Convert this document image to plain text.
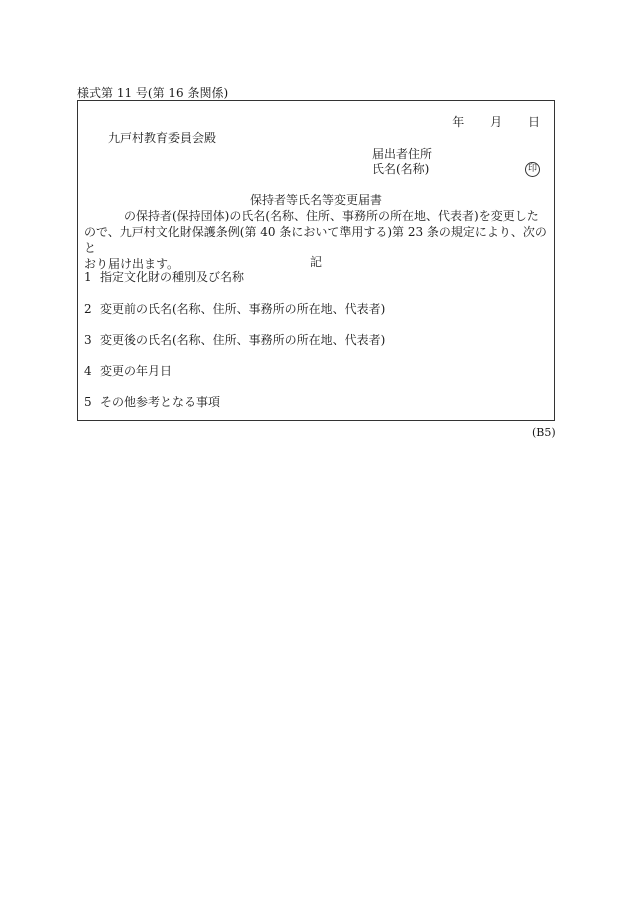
様式第 11 号(第 16 条関係)
年 月 日
九戸村教育委員会殿
届出者住所
氏名(名称)	印
保持者等氏名等変更届書
の保持者(保持団体)の氏名(名称、住所、事務所の所在地、代表者)を変更した
ので、九戸村文化財保護条例(第 40 条において準用する)第 23 条の規定により、次のと
おり届け出ます。	記
1 指定文化財の種別及び名称
2 変更前の氏名(名称、住所、事務所の所在地、代表者)
3 変更後の氏名(名称、住所、事務所の所在地、代表者)
4 変更の年月日
5 その他参考となる事項
(B5)
